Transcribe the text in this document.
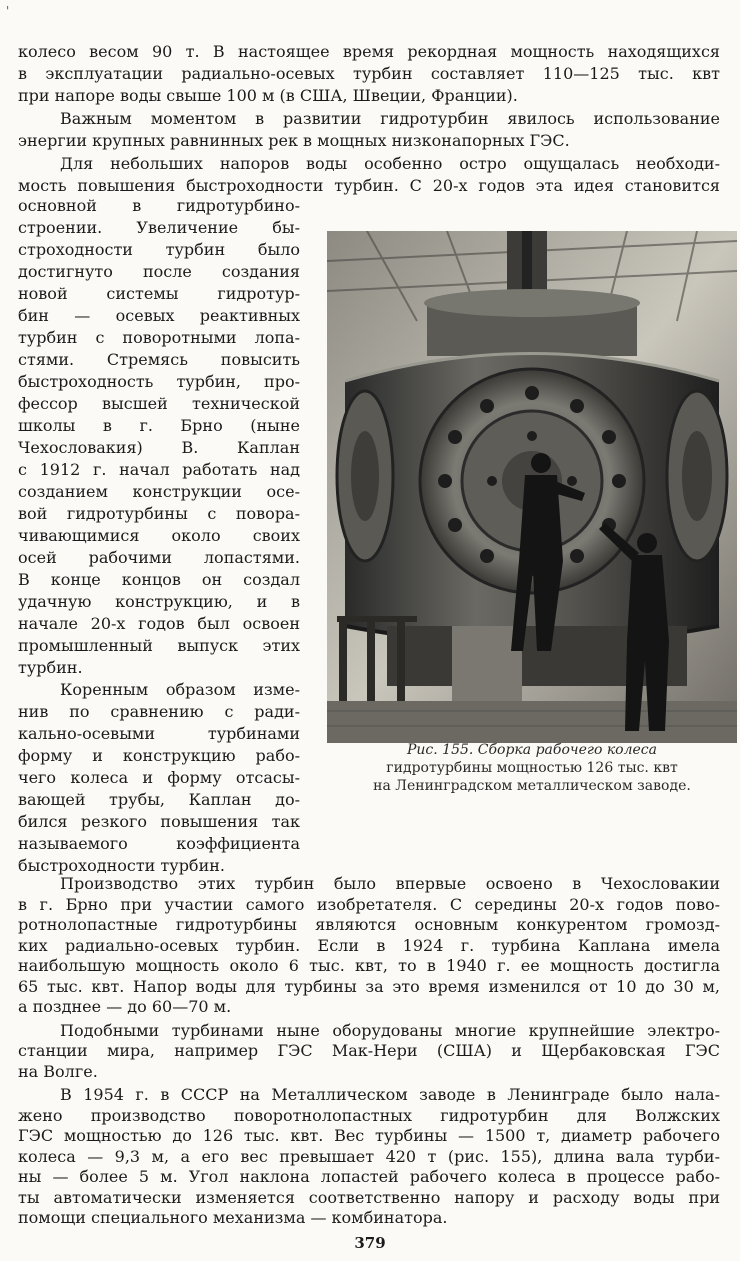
'
колесо весом 90 т. В настоящее время рекордная мощность находящихся
в эксплуатации радиально-осевых турбин составляет 110—125 тыс. квт
при напоре воды свыше 100 м (в США, Швеции, Франции).
Важным моментом в развитии гидротурбин явилось использование
энергии крупных равнинных рек в мощных низконапорных ГЭС.
Для небольших напоров воды особенно остро ощущалась необходи-
мость повышения быстроходности турбин. С 20-х годов эта идея становится
основной в гидротурбино-
строении. Увеличение бы-
строходности турбин было
достигнуто после создания
новой системы гидротур-
бин — осевых реактивных
турбин с поворотными лопа-
стями. Стремясь повысить
быстроходность турбин, про-
фессор высшей технической
школы в г. Брно (ныне
Чехословакия) В. Каплан
с 1912 г. начал работать над
созданием конструкции осе-
вой гидротурбины с повора-
чивающимися около своих
осей рабочими лопастями.
В конце концов он создал
удачную конструкцию, и в
начале 20-х годов был освоен
промышленный выпуск этих
турбин.
Коренным образом изме-
нив по сравнению с ради-
кально-осевыми турбинами
форму и конструкцию рабо-
чего колеса и форму отсасы-
вающей трубы, Каплан до-
бился резкого повышения так
называемого коэффициента
быстроходности турбин.
Рис. 155. Сборка рабочего колеса
гидротурбины мощностью 126 тыс. квт
на Ленинградском металлическом заводе.
Производство этих турбин было впервые освоено в Чехословакии
в г. Брно при участии самого изобретателя. С середины 20-х годов пово-
ротнолопастные гидротурбины являются основным конкурентом громозд-
ких радиально-осевых турбин. Если в 1924 г. турбина Каплана имела
наибольшую мощность около 6 тыс. квт, то в 1940 г. ее мощность достигла
65 тыс. квт. Напор воды для турбины за это время изменился от 10 до 30 м,
а позднее — до 60—70 м.
Подобными турбинами ныне оборудованы многие крупнейшие электро-
станции мира, например ГЭС Мак-Нери (США) и Щербаковская ГЭС
на Волге.
В 1954 г. в СССР на Металлическом заводе в Ленинграде было нала-
жено производство поворотнолопастных гидротурбин для Волжских
ГЭС мощностью до 126 тыс. квт. Вес турбины — 1500 т, диаметр рабочего
колеса — 9,3 м, а его вес превышает 420 т (рис. 155), длина вала турби-
ны — более 5 м. Угол наклона лопастей рабочего колеса в процессе рабо-
ты автоматически изменяется соответственно напору и расходу воды при
помощи специального механизма — комбинатора.
379
